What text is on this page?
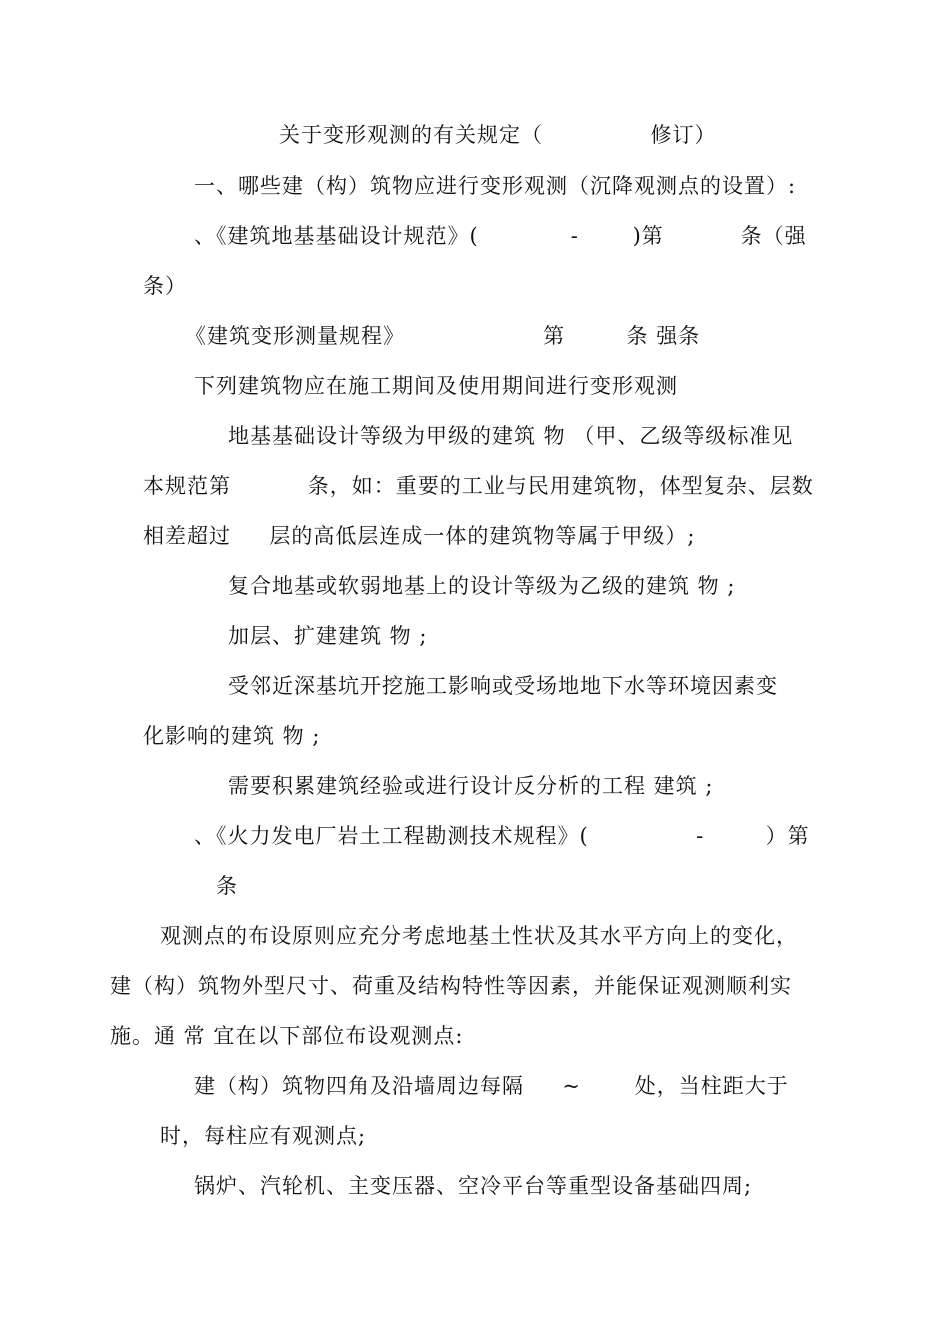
关于变形观测的有关规定（              修订）
一、哪些建（构）筑物应进行变形观测（沉降观测点的设置）:
、《建筑地基基础设计规范》(            -       )第          条（强
条）
《建筑变形测量规程》                  第        条 强条
下列建筑物应在施工期间及使用期间进行变形观测
地基基础设计等级为甲级的建筑 物 （甲、乙级等级标准见
本规范第          条，如：重要的工业与民用建筑物，体型复杂、层数
相差超过     层的高低层连成一体的建筑物等属于甲级）;
复合地基或软弱地基上的设计等级为乙级的建筑 物 ;
加层、扩建建筑 物 ;
受邻近深基坑开挖施工影响或受场地地下水等环境因素变
化影响的建筑 物 ;
需要积累建筑经验或进行设计反分析的工程 建筑 ;
、《火力发电厂岩土工程勘测技术规程》(              -        ）第
条
观测点的布设原则应充分考虑地基土性状及其水平方向上的变化，
建（构）筑物外型尺寸、荷重及结构特性等因素，并能保证观测顺利实
施。通 常 宜在以下部位布设观测点:
建（构）筑物四角及沿墙周边每隔     ~       处，当柱距大于
时，每柱应有观测点;
锅炉、汽轮机、主变压器、空冷平台等重型设备基础四周;
